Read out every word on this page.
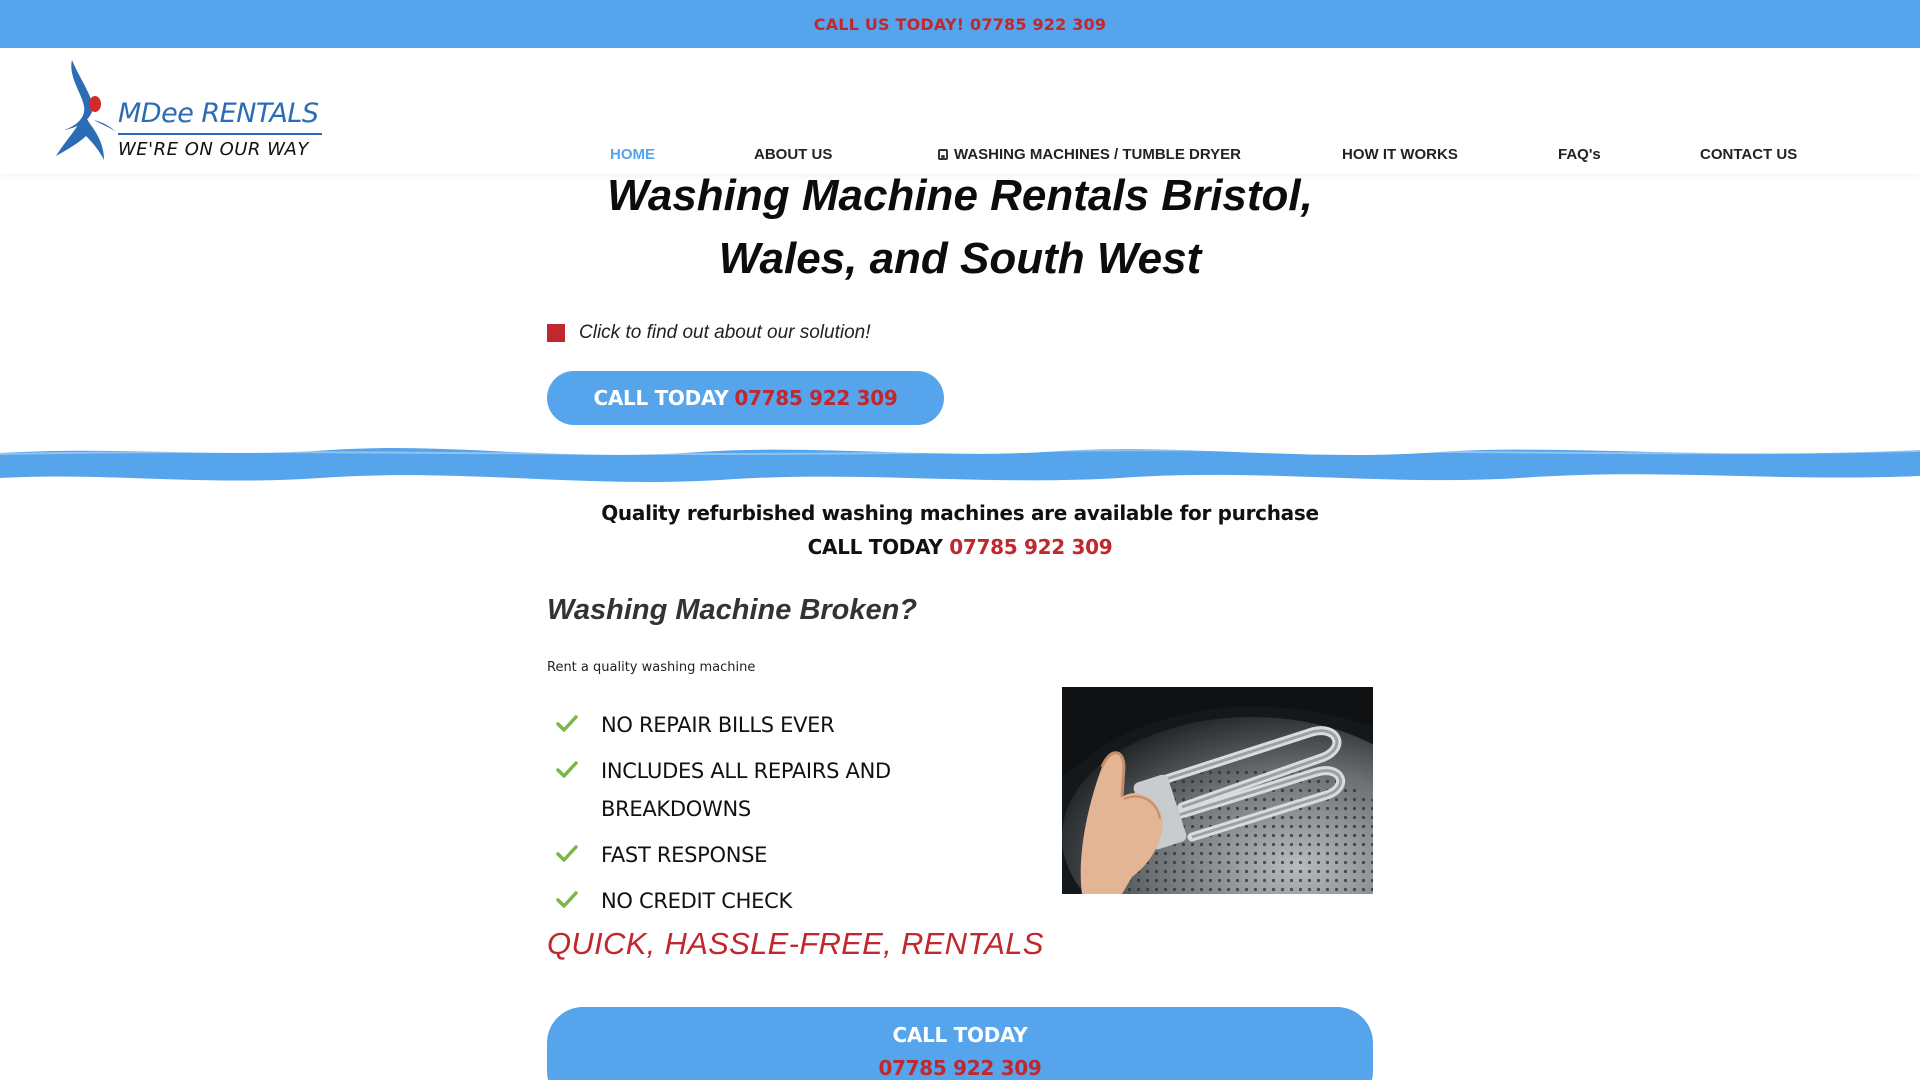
CALL US TODAY! 07785 922 309
MDee RENTALS
WE'RE ON OUR WAY	HOME	ABOUT US	WASHING MACHINES / TUMBLE DRYER	HOW IT WORKS	FAQ's	CONTACT US
Washing Machine Rentals Bristol,
Wales, and South West
Click to find out about our solution!
CALL TODAY 07785 922 309
Quality refurbished washing machines are available for purchase
CALL TODAY 07785 922 309
Washing Machine Broken?

Rent a quality washing machine

NO REPAIR BILLS EVER
INCLUDES ALL REPAIRS AND BREAKDOWNS
FAST RESPONSE
NO CREDIT CHECK
QUICK, HASSLE-FREE, RENTALS
CALL TODAY
07785 922 309
